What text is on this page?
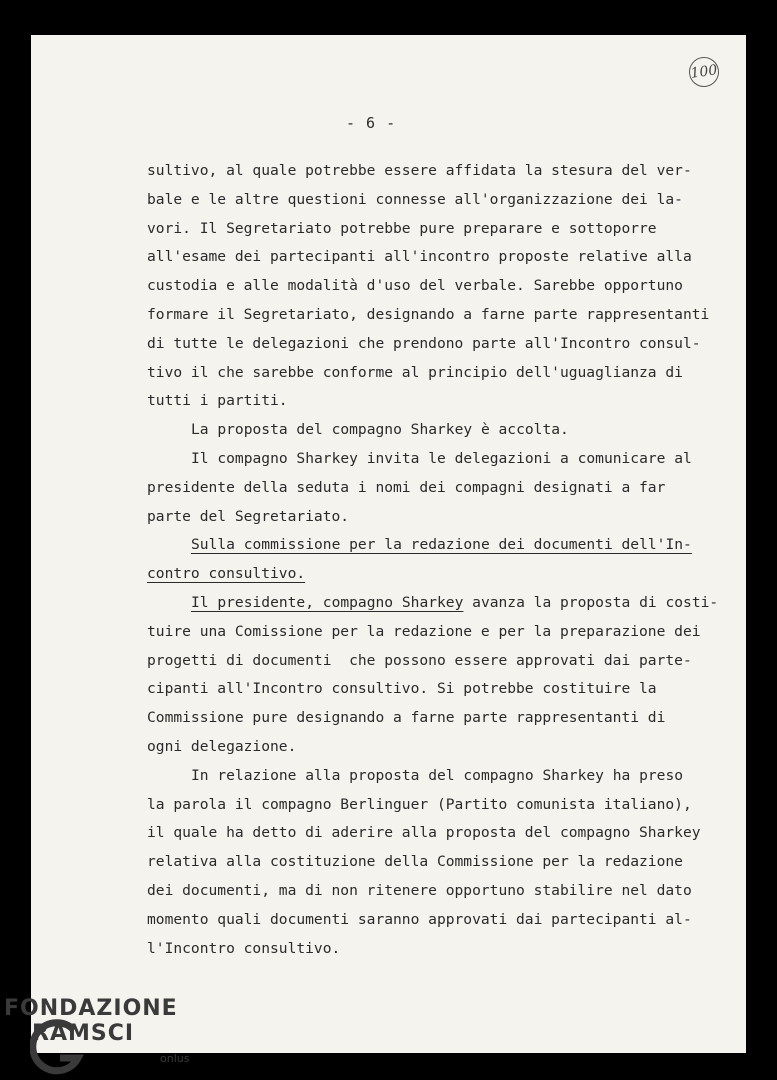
100
- 6 -
sultivo, al quale potrebbe essere affidata la stesura del ver-
bale e le altre questioni connesse all'organizzazione dei la-
vori. Il Segretariato potrebbe pure preparare e sottoporre
all'esame dei partecipanti all'incontro proposte relative alla
custodia e alle modalità d'uso del verbale. Sarebbe opportuno
formare il Segretariato, designando a farne parte rappresentanti
di tutte le delegazioni che prendono parte all'Incontro consul-
tivo il che sarebbe conforme al principio dell'uguaglianza di
tutti i partiti.
La proposta del compagno Sharkey è accolta.
Il compagno Sharkey invita le delegazioni a comunicare al
presidente della seduta i nomi dei compagni designati a far
parte del Segretariato.
Sulla commissione per la redazione dei documenti dell'In-
contro consultivo.
Il presidente, compagno Sharkey avanza la proposta di costi-
tuire una Comissione per la redazione e per la preparazione dei
progetti di documenti  che possono essere approvati dai parte-
cipanti all'Incontro consultivo. Si potrebbe costituire la
Commissione pure designando a farne parte rappresentanti di
ogni delegazione.
In relazione alla proposta del compagno Sharkey ha preso
la parola il compagno Berlinguer (Partito comunista italiano),
il quale ha detto di aderire alla proposta del compagno Sharkey
relativa alla costituzione della Commissione per la redazione
dei documenti, ma di non ritenere opportuno stabilire nel dato
momento quali documenti saranno approvati dai partecipanti al-
l'Incontro consultivo.
FONDAZIONE
RAMSCI
onlus
